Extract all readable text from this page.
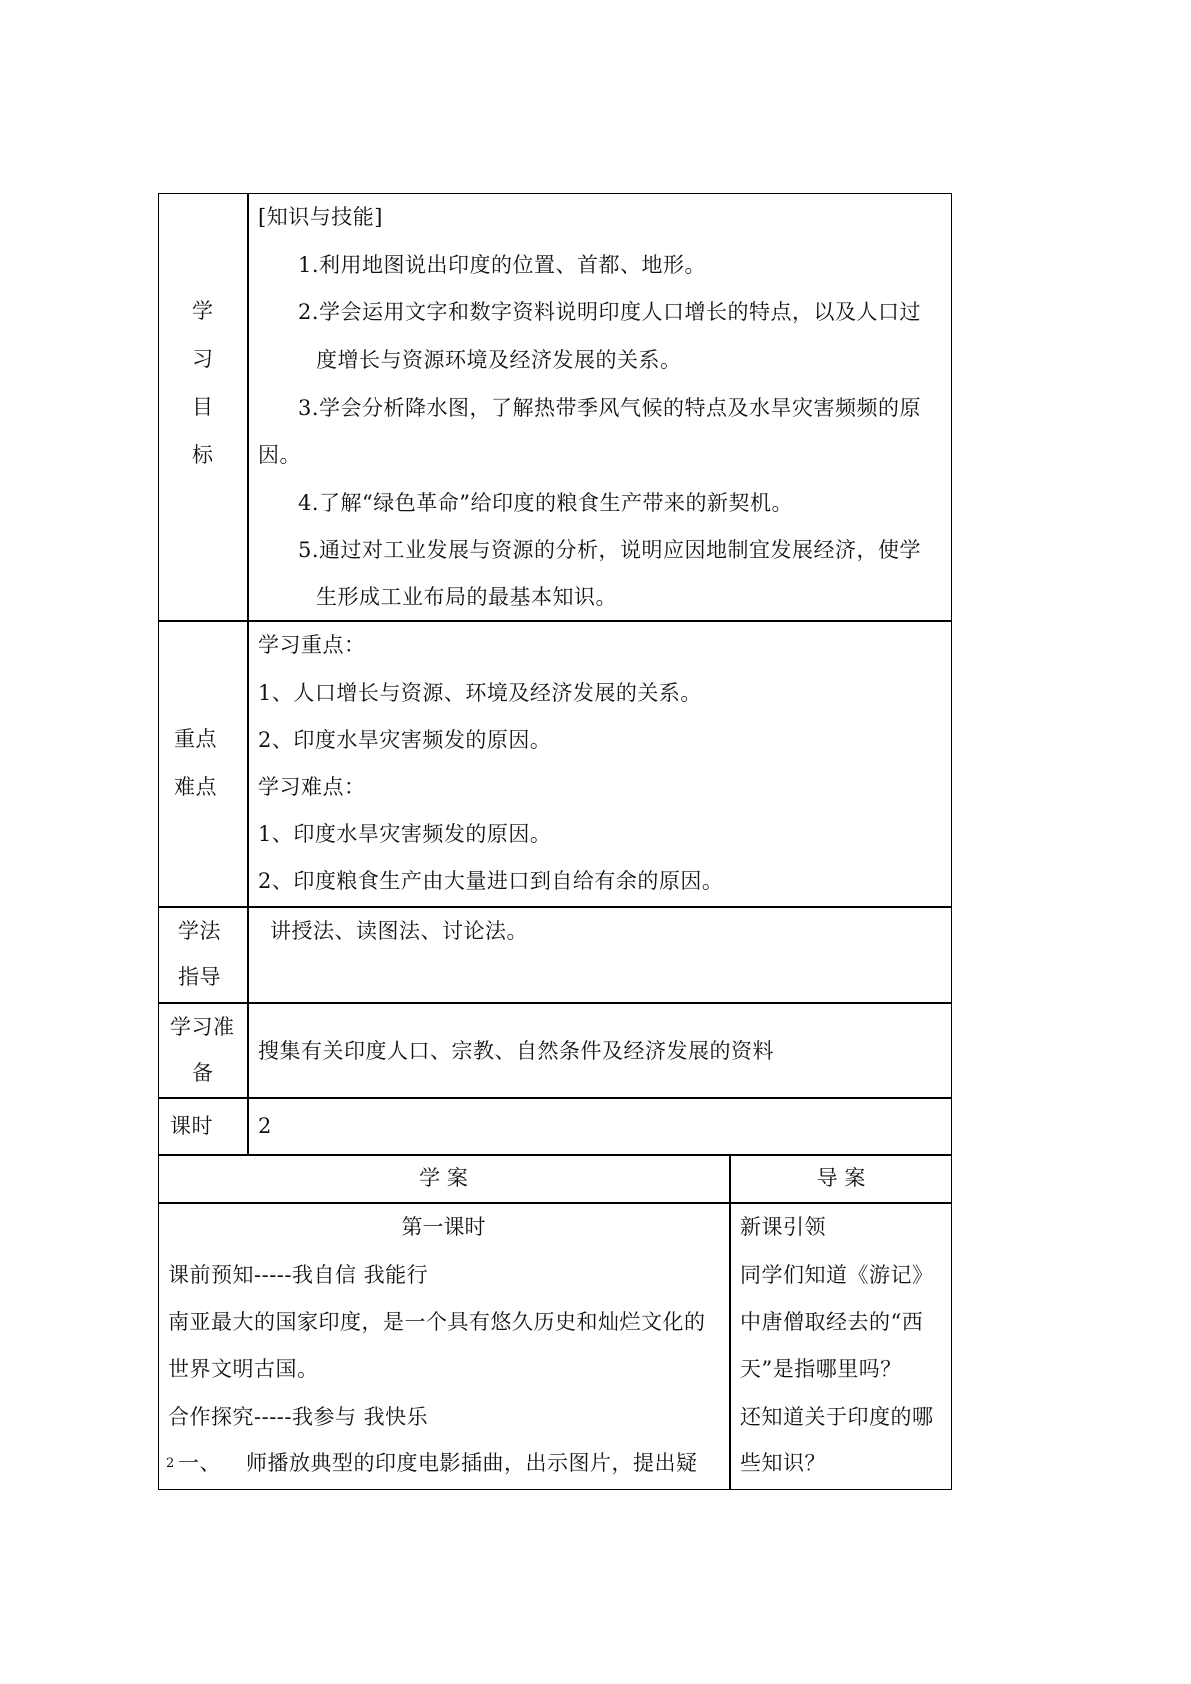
学
习
目
标
[知识与技能]
1.利用地图说出印度的位置、首都、地形。
2.学会运用文字和数字资料说明印度人口增长的特点，以及人口过
度增长与资源环境及经济发展的关系。
3.学会分析降水图，了解热带季风气候的特点及水旱灾害频频的原
因。
4.了解“绿色革命”给印度的粮食生产带来的新契机。
5.通过对工业发展与资源的分析，说明应因地制宜发展经济，使学
生形成工业布局的最基本知识。
重点
难点
学习重点：
1、人口增长与资源、环境及经济发展的关系。
2、印度水旱灾害频发的原因。
学习难点：
1、印度水旱灾害频发的原因。
2、印度粮食生产由大量进口到自给有余的原因。
学法
指导
讲授法、读图法、讨论法。
学习准
备
搜集有关印度人口、宗教、自然条件及经济发展的资料
课时 2
学 案	导 案
第一课时
课前预知-----我自信 我能行
南亚最大的国家印度，是一个具有悠久历史和灿烂文化的
世界文明古国。
合作探究-----我参与 我快乐
2 一、 师播放典型的印度电影插曲，出示图片，提出疑
新课引领
同学们知道《游记》
中唐僧取经去的“西
天”是指哪里吗？
还知道关于印度的哪
些知识？
